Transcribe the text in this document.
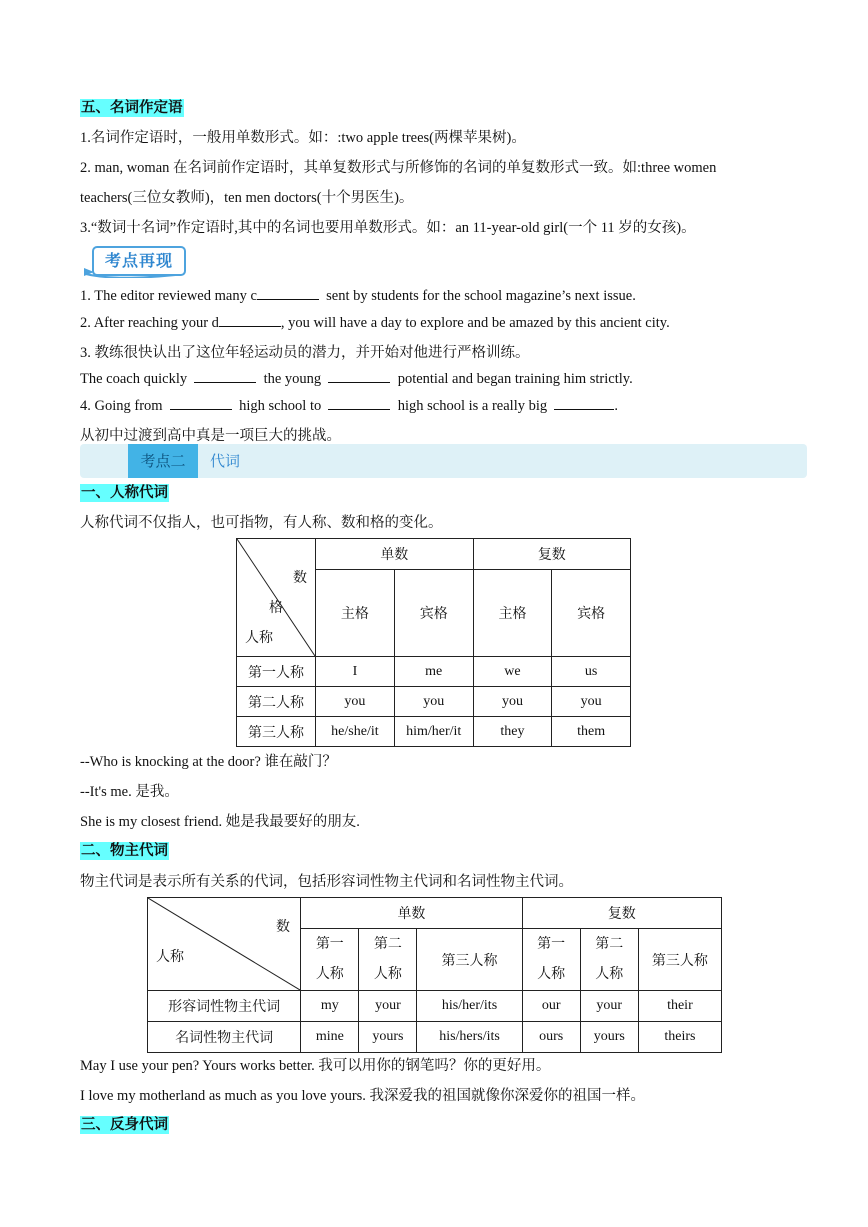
五、名词作定语
1.名词作定语时，一般用单数形式。如：:two apple trees(两棵苹果树)。
2. man, woman 在名词前作定语时，其单复数形式与所修饰的名词的单复数形式一致。如:three women
teachers(三位女教师)，ten men doctors(十个男医生)。
3.“数词十名词”作定语时,其中的名词也要用单数形式。如：an 11-year-old girl(一个 11 岁的女孩)。
考点再现
1. The editor reviewed many c	sent by students for the school magazine’s next issue.
2. After reaching your d	, you will have a day to explore and be amazed by this ancient city.
3. 教练很快认出了这位年轻运动员的潜力，并开始对他进行严格训练。
The coach quickly	the young	potential and began training him strictly.
4. Going from	high school to	high school is a really big	.
从初中过渡到高中真是一项巨大的挑战。
考点二	代词
一、人称代词
人称代词不仅指人，也可指物，有人称、数和格的变化。
数
格
人称	单数		复数	
	主格	宾格	主格	宾格
第一人称	I	me	we	us
第二人称	you	you	you	you
第三人称	he/she/it	him/her/it	they	them
--Who is knocking at the door? 谁在敲门？
--It's me. 是我。
She is my closest friend. 她是我最要好的朋友.
二、物主代词
物主代词是表示所有关系的代词，包括形容词性物主代词和名词性物主代词。
数
人称	单数			复数		
	第一
人称	第二
人称	第三人称	第一
人称	第二
人称	第三人称
形容词性物主代词	my	your	his/her/its	our	your	their
名词性物主代词	mine	yours	his/hers/its	ours	yours	theirs
May I use your pen? Yours works better. 我可以用你的钢笔吗？你的更好用。
I love my motherland as much as you love yours. 我深爱我的祖国就像你深爱你的祖国一样。
三、反身代词
